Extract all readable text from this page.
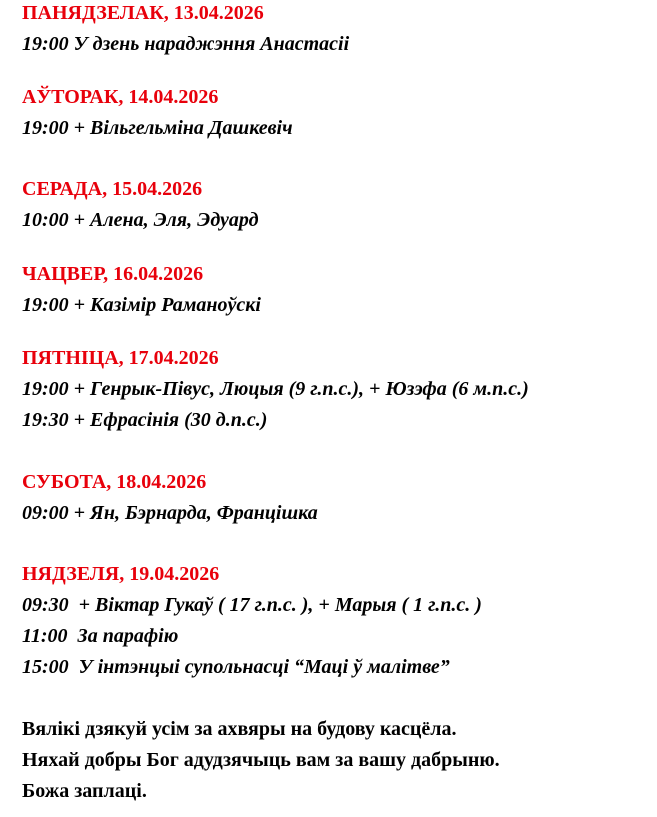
ПАНЯДЗЕЛАК, 13.04.2026
19:00 У дзень нараджэння Анастасіі
АЎТОРАК, 14.04.2026
19:00 + Вільгельміна Дашкевіч
СЕРАДА, 15.04.2026
10:00 + Алена, Эля, Эдуард
ЧАЦВЕР, 16.04.2026
19:00 + Казімір Раманоўскі
ПЯТНІЦА, 17.04.2026
19:00 + Генрык-Півус, Люцыя (9 г.п.с.), + Юзэфа (6 м.п.с.)
19:30 + Ефрасінія (30 д.п.с.)
СУБОТА, 18.04.2026
09:00 + Ян, Бэрнарда, Францішка
НЯДЗЕЛЯ, 19.04.2026
09:30  + Віктар Гукаў ( 17 г.п.с. ), + Марыя ( 1 г.п.с. )
11:00  За парафію
15:00  У інтэнцыі супольнасці “Маці ў малітве”
Вялікі дзякуй усім за ахвяры на будову касцёла.
Няхай добры Бог адудзячыць вам за вашу дабрыню.
Божа заплаці.
